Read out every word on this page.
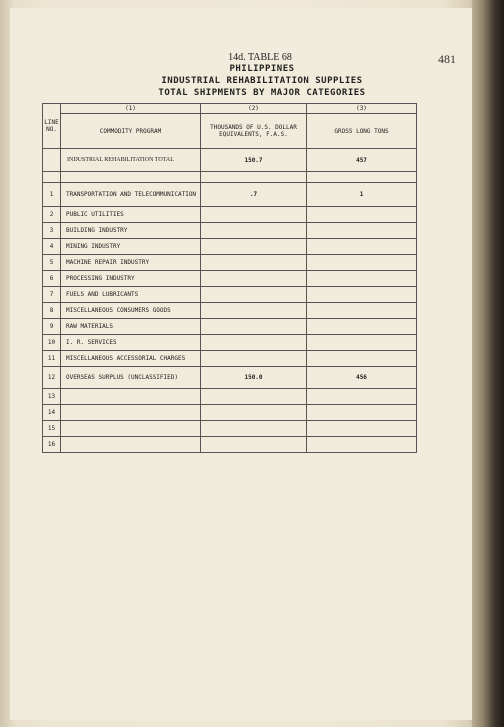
14d. TABLE 68
PHILIPPINES
INDUSTRIAL REHABILITATION SUPPLIES
TOTAL SHIPMENTS BY MAJOR CATEGORIES
481
LINE NO.	(1)	(2)	(3)
	COMMODITY PROGRAM	THOUSANDS OF U.S. DOLLAR EQUIVALENTS, F.A.S.	GROSS LONG TONS
	INDUSTRIAL REHABILITATION TOTAL	150.7	457

1	TRANSPORTATION AND TELECOMMUNICATION	.7	1
2	PUBLIC UTILITIES		
3	BUILDING INDUSTRY		
4	MINING INDUSTRY		
5	MACHINE REPAIR INDUSTRY		
6	PROCESSING INDUSTRY		
7	FUELS AND LUBRICANTS		
8	MISCELLANEOUS CONSUMERS GOODS		
9	RAW MATERIALS		
10	I. R. SERVICES		
11	MISCELLANEOUS ACCESSORIAL CHARGES		
12	OVERSEAS SURPLUS (UNCLASSIFIED)	150.0	456
13			
14			
15			
16			
